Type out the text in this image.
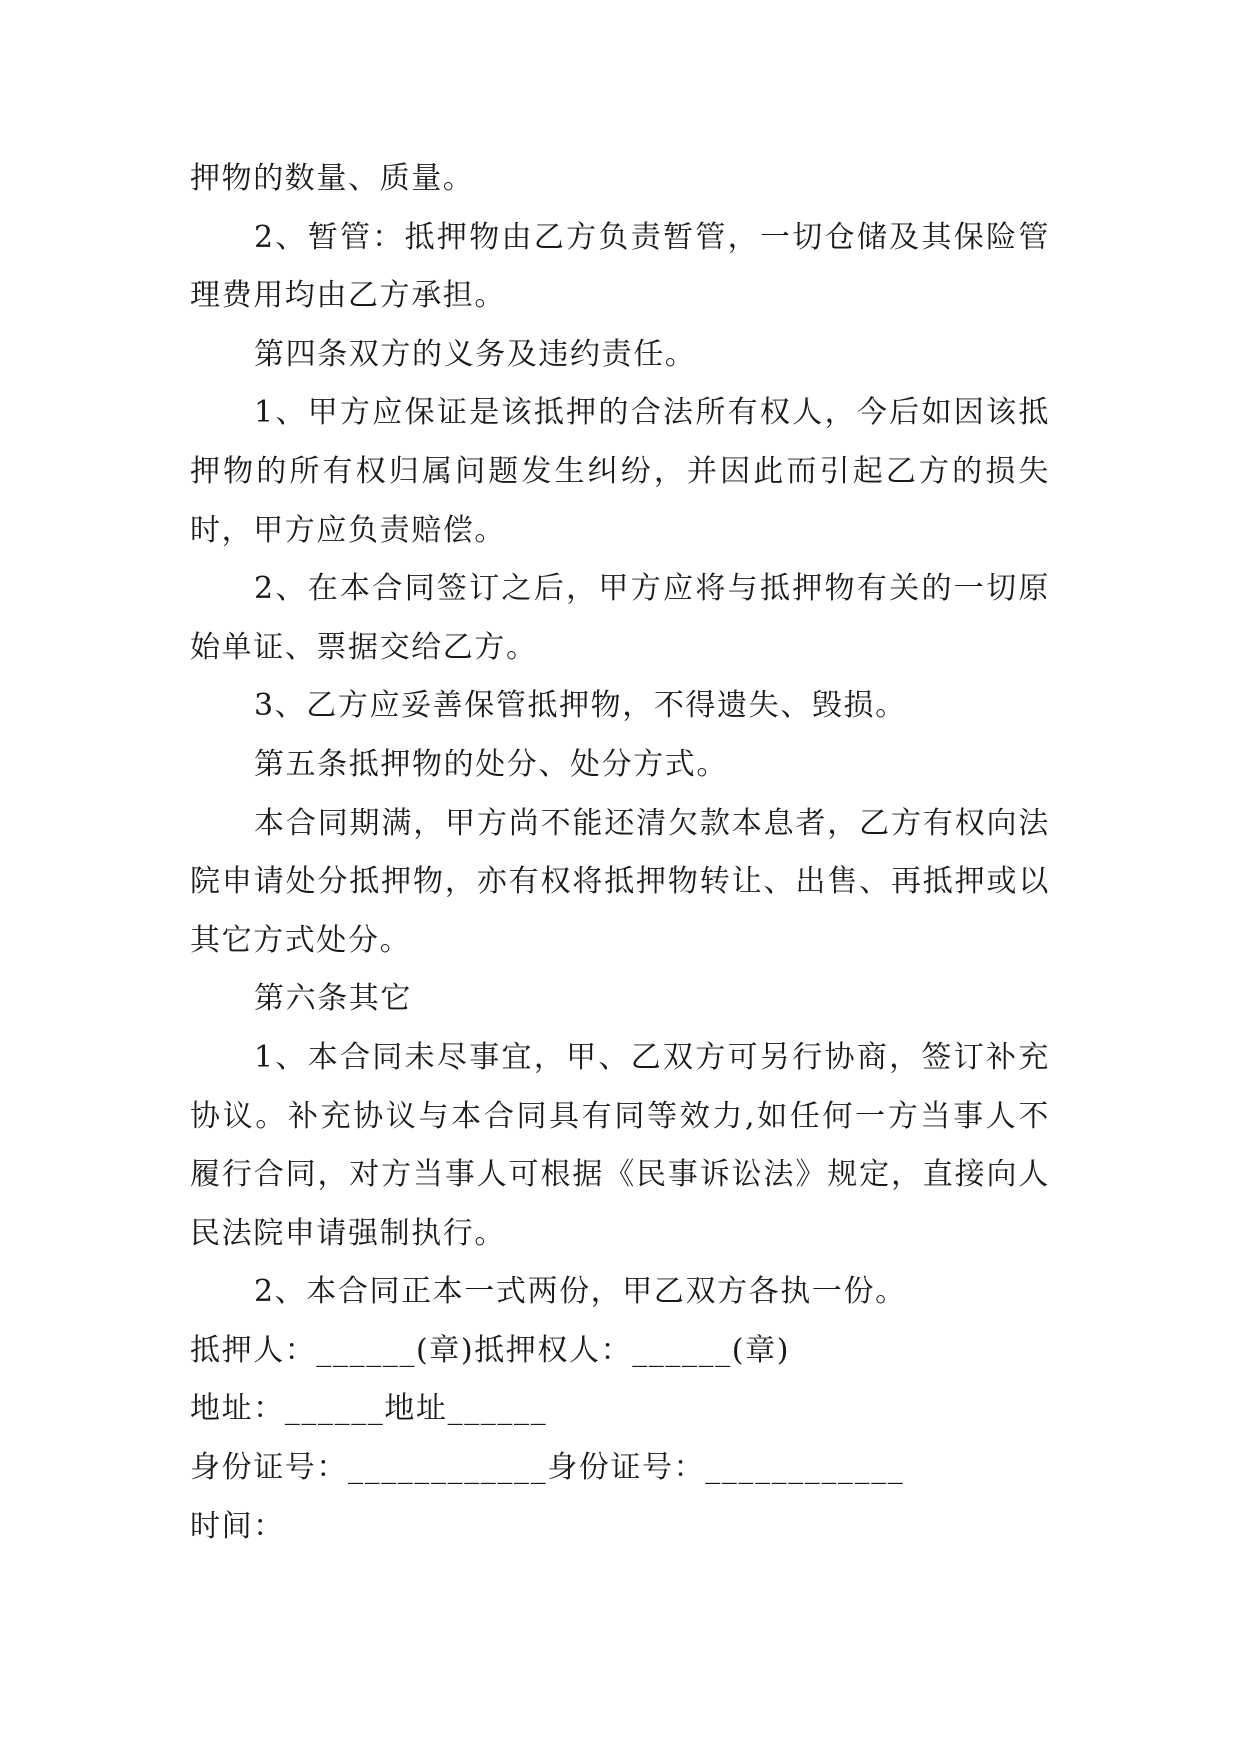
押物的数量、质量。

2、暂管：抵押物由乙方负责暂管，一切仓储及其保险管理费用均由乙方承担。

第四条双方的义务及违约责任。

1、甲方应保证是该抵押的合法所有权人，今后如因该抵押物的所有权归属问题发生纠纷，并因此而引起乙方的损失时，甲方应负责赔偿。

2、在本合同签订之后，甲方应将与抵押物有关的一切原始单证、票据交给乙方。

3、乙方应妥善保管抵押物，不得遗失、毁损。

第五条抵押物的处分、处分方式。

本合同期满，甲方尚不能还清欠款本息者，乙方有权向法院申请处分抵押物，亦有权将抵押物转让、出售、再抵押或以其它方式处分。

第六条其它

1、本合同未尽事宜，甲、乙双方可另行协商，签订补充协议。补充协议与本合同具有同等效力,如任何一方当事人不履行合同，对方当事人可根据《民事诉讼法》规定，直接向人民法院申请强制执行。

2、本合同正本一式两份，甲乙双方各执一份。

抵押人：______(章)抵押权人：______(章)

地址：______地址______

身份证号：____________身份证号：____________

时间：
